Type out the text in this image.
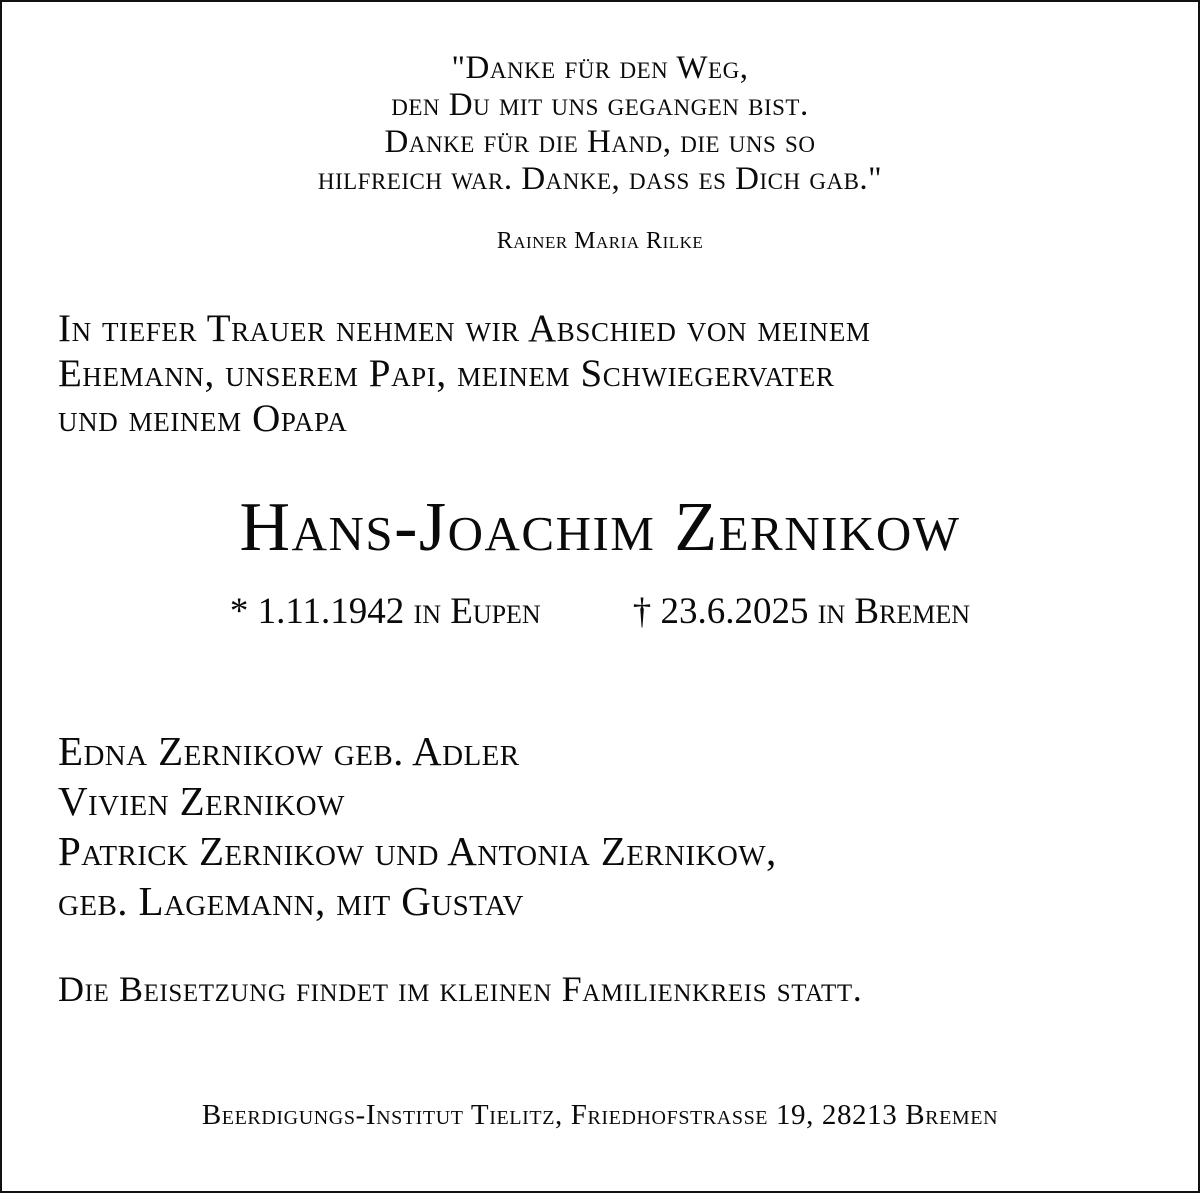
"Danke für den Weg,
den Du mit uns gegangen bist.
Danke für die Hand, die uns so
hilfreich war. Danke, dass es Dich gab."
Rainer Maria Rilke
In tiefer Trauer nehmen wir Abschied von meinem
Ehemann, unserem Papi, meinem Schwiegervater
und meinem Opapa
Hans-Joachim Zernikow
* 1.11.1942 in Eupen † 23.6.2025 in Bremen
Edna Zernikow geb. Adler
Vivien Zernikow
Patrick Zernikow und Antonia Zernikow,
geb. Lagemann, mit Gustav
Die Beisetzung findet im kleinen Familienkreis statt.
Beerdigungs-Institut Tielitz, Friedhofstrasse 19, 28213 Bremen
